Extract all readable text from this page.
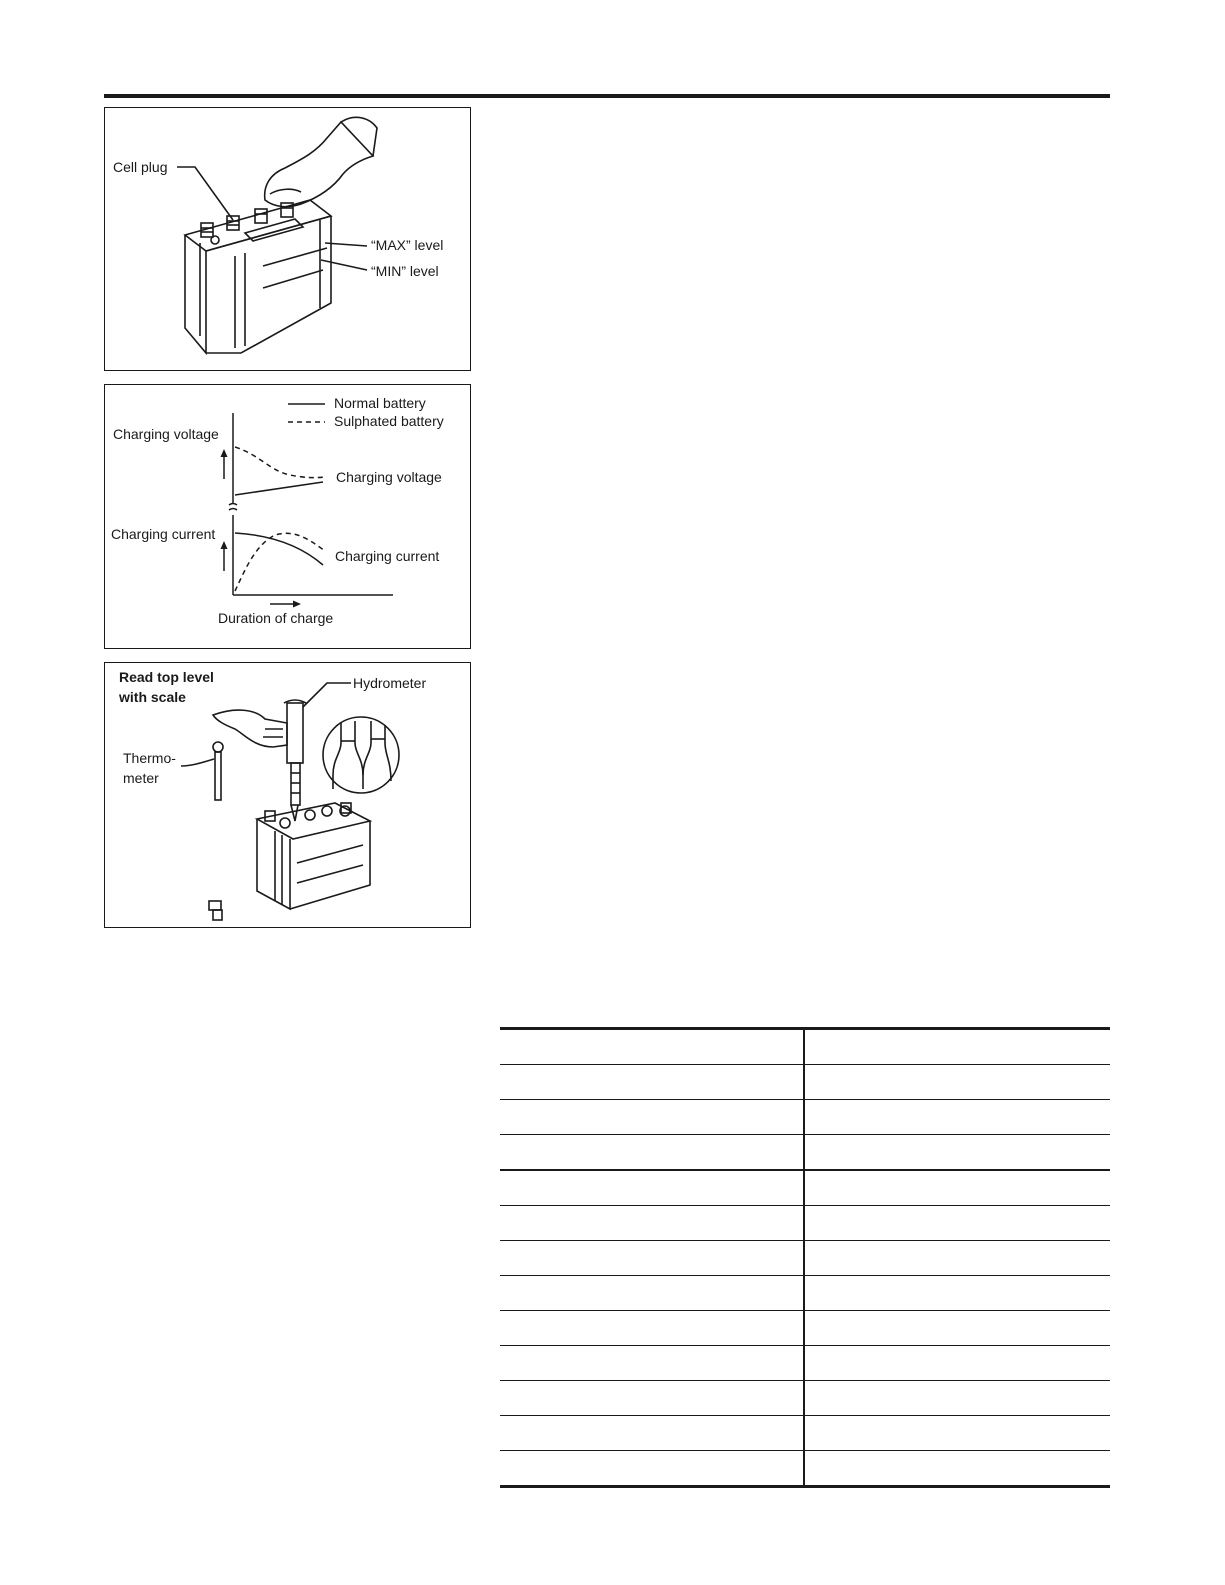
Cell plug
“MAX” level
“MIN” level
Normal battery
Sulphated battery
Charging voltage
Charging current
Charging voltage
Charging current
Duration of charge
Read top level
with scale
Hydrometer
Thermo-
meter
